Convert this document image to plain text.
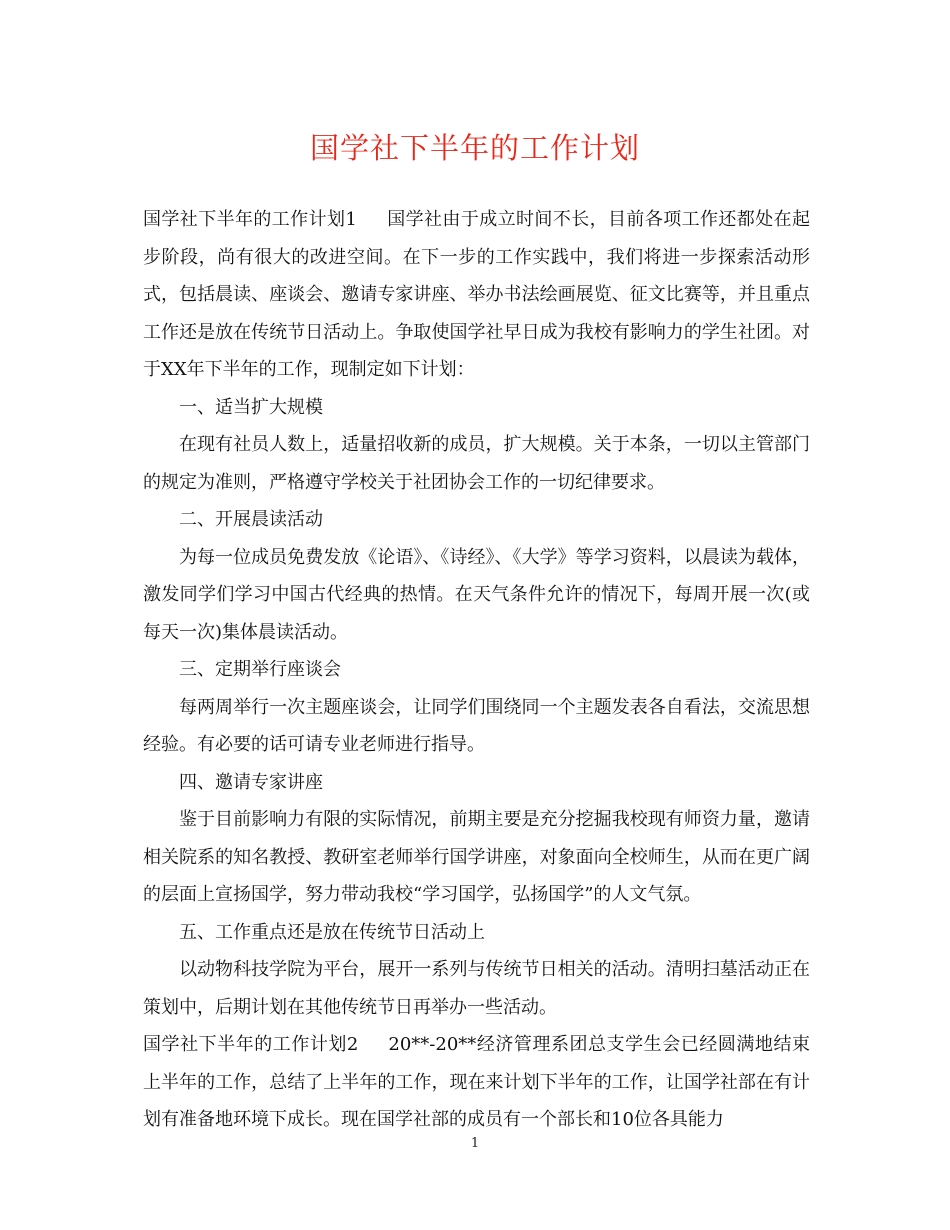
国学社下半年的工作计划

国学社下半年的工作计划1 国学社由于成立时间不长，目前各项工作还都处在起步阶段，尚有很大的改进空间。在下一步的工作实践中，我们将进一步探索活动形式，包括晨读、座谈会、邀请专家讲座、举办书法绘画展览、征文比赛等，并且重点工作还是放在传统节日活动上。争取使国学社早日成为我校有影响力的学生社团。对于XX年下半年的工作，现制定如下计划：

一、适当扩大规模

在现有社员人数上，适量招收新的成员，扩大规模。关于本条，一切以主管部门的规定为准则，严格遵守学校关于社团协会工作的一切纪律要求。

二、开展晨读活动

为每一位成员免费发放《论语》、《诗经》、《大学》等学习资料，以晨读为载体，激发同学们学习中国古代经典的热情。在天气条件允许的情况下，每周开展一次(或每天一次)集体晨读活动。

三、定期举行座谈会

每两周举行一次主题座谈会，让同学们围绕同一个主题发表各自看法，交流思想经验。有必要的话可请专业老师进行指导。

四、邀请专家讲座

鉴于目前影响力有限的实际情况，前期主要是充分挖掘我校现有师资力量，邀请相关院系的知名教授、教研室老师举行国学讲座，对象面向全校师生，从而在更广阔的层面上宣扬国学，努力带动我校“学习国学，弘扬国学”的人文气氛。

五、工作重点还是放在传统节日活动上

以动物科技学院为平台，展开一系列与传统节日相关的活动。清明扫墓活动正在策划中，后期计划在其他传统节日再举办一些活动。

国学社下半年的工作计划2 20**-20**经济管理系团总支学生会已经圆满地结束上半年的工作，总结了上半年的工作，现在来计划下半年的工作，让国学社部在有计划有准备地环境下成长。现在国学社部的成员有一个部长和10位各具能力

1
